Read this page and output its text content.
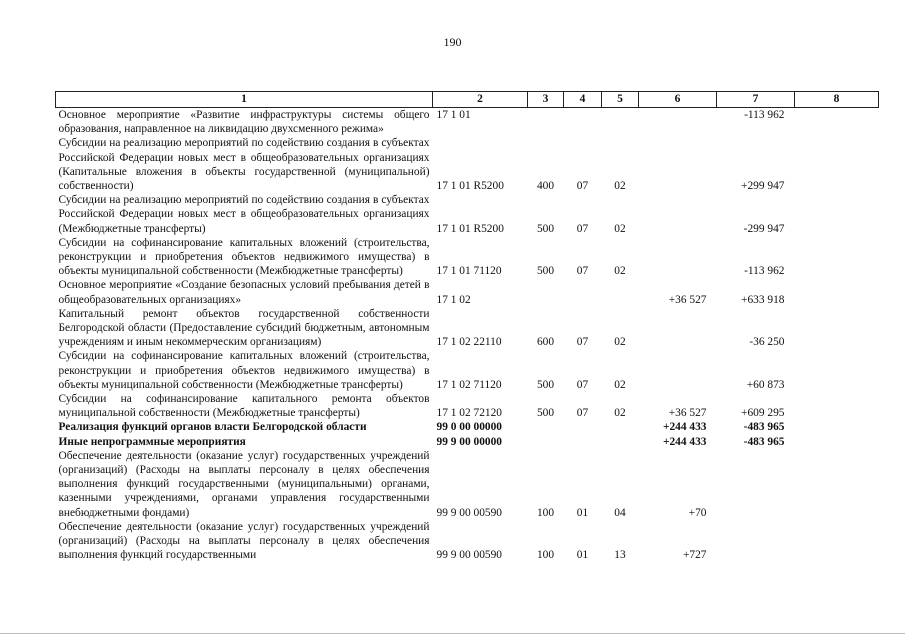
190
1	2	3	4	5	6	7	8
Основное мероприятие «Развитие инфраструктуры системы общего образования, направленное на ликвидацию двухсменного режима»	17 1 01					-113 962	
Субсидии на реализацию мероприятий по содействию создания в субъектах Российской Федерации новых мест в общеобразовательных организациях (Капитальные вложения в объекты государственной (муниципальной) собственности)	17 1 01 R5200	400	07	02		+299 947	
Субсидии на реализацию мероприятий по содействию создания в субъектах Российской Федерации новых мест в общеобразовательных организациях (Межбюджетные трансферты)	17 1 01 R5200	500	07	02		-299 947	
Субсидии на софинансирование капитальных вложений (строительства, реконструкции и приобретения объектов недвижимого имущества) в объекты муниципальной собственности (Межбюджетные трансферты)	17 1 01 71120	500	07	02		-113 962	
Основное мероприятие «Создание безопасных условий пребывания детей в общеобразовательных организациях»	17 1 02				+36 527	+633 918	
Капитальный ремонт объектов государственной собственности Белгородской области (Предоставление субсидий бюджетным, автономным учреждениям и иным некоммерческим организациям)	17 1 02 22110	600	07	02		-36 250	
Субсидии на софинансирование капитальных вложений (строительства, реконструкции и приобретения объектов недвижимого имущества) в объекты муниципальной собственности (Межбюджетные трансферты)	17 1 02 71120	500	07	02		+60 873	
Субсидии на софинансирование капитального ремонта объектов муниципальной собственности (Межбюджетные трансферты)	17 1 02 72120	500	07	02	+36 527	+609 295	
Реализация функций органов власти Белгородской области	99 0 00 00000				+244 433	-483 965	
Иные непрограммные мероприятия	99 9 00 00000				+244 433	-483 965	
Обеспечение деятельности (оказание услуг) государственных учреждений (организаций) (Расходы на выплаты персоналу в целях обеспечения выполнения функций государственными (муниципальными) органами, казенными учреждениями, органами управления государственными внебюджетными фондами)	99 9 00 00590	100	01	04	+70		
Обеспечение деятельности (оказание услуг) государственных учреждений (организаций) (Расходы на выплаты персоналу в целях обеспечения выполнения функций государственными	99 9 00 00590	100	01	13	+727		
